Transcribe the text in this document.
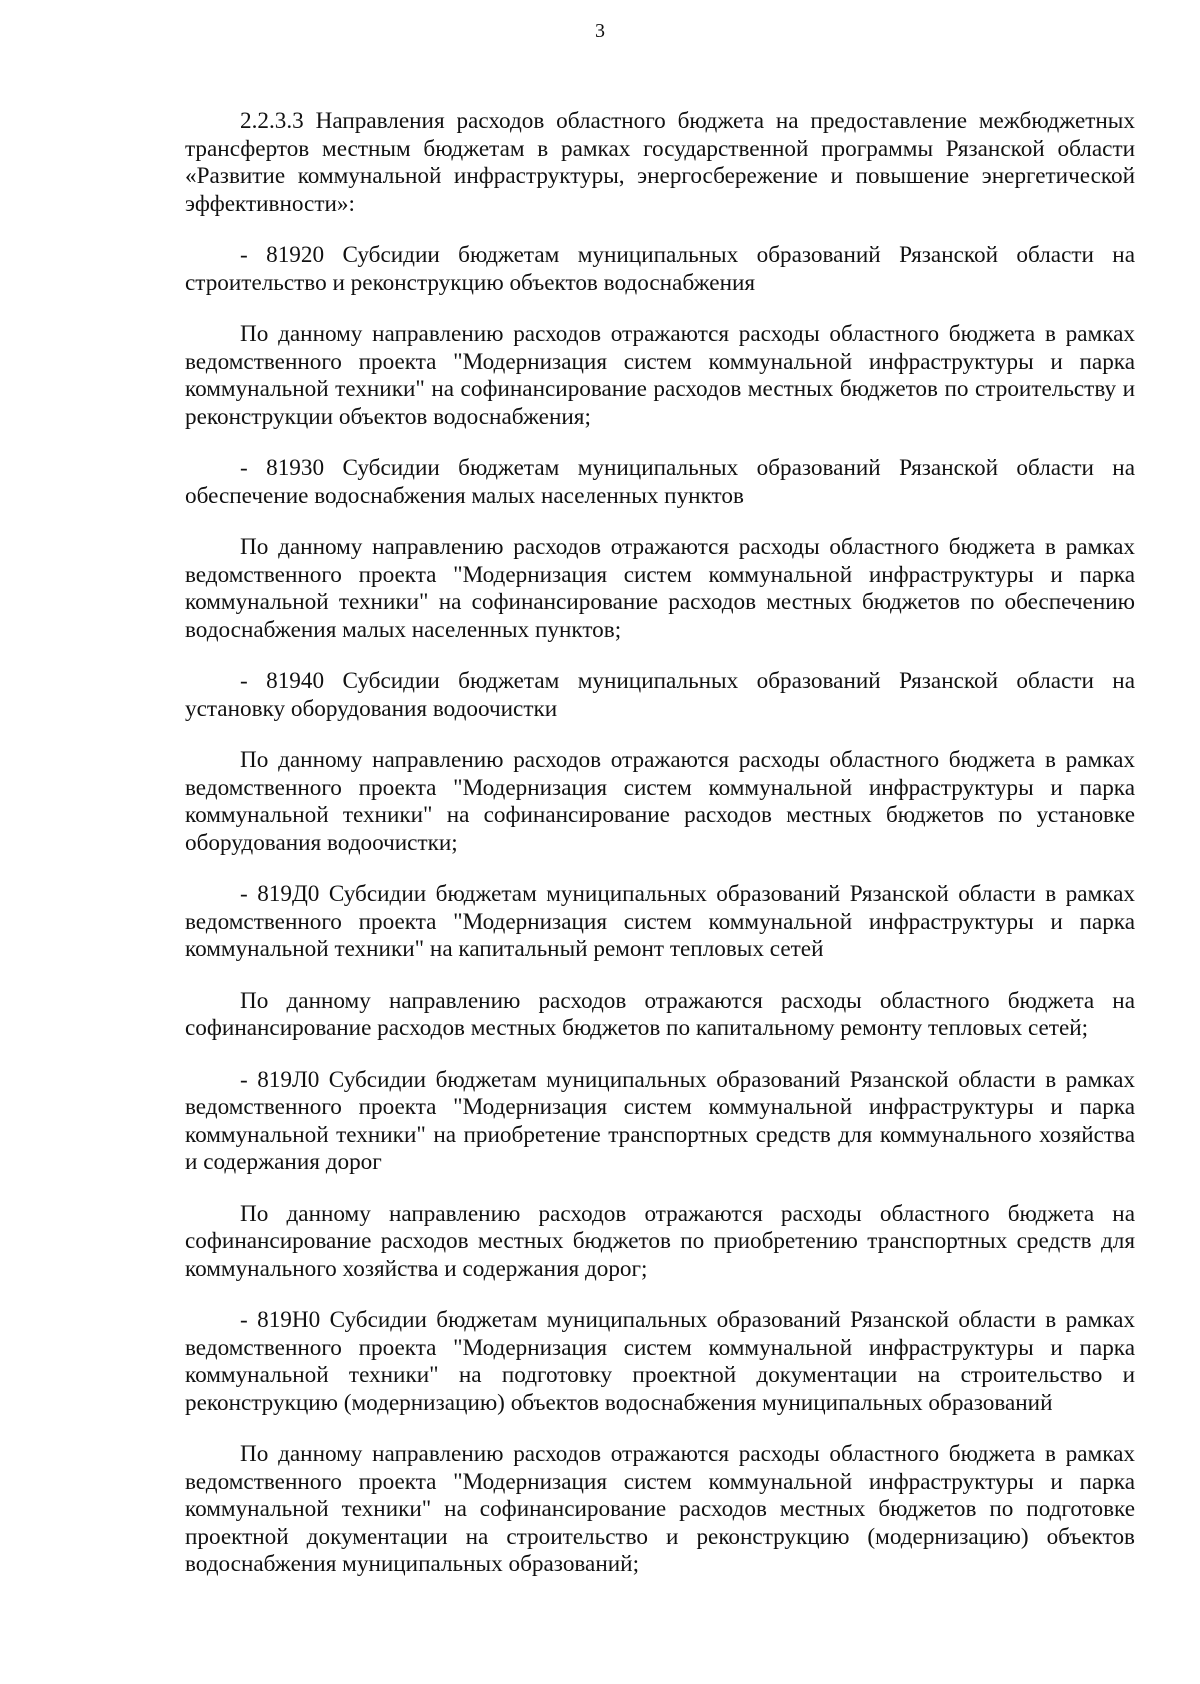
3

2.2.3.3 Направления расходов областного бюджета на предоставление межбюджетных трансфертов местным бюджетам в рамках государственной программы Рязанской области «Развитие коммунальной инфраструктуры, энергосбережение и повышение энергетической эффективности»:

- 81920 Субсидии бюджетам муниципальных образований Рязанской области на строительство и реконструкцию объектов водоснабжения

По данному направлению расходов отражаются расходы областного бюджета в рамках ведомственного проекта "Модернизация систем коммунальной инфраструктуры и парка коммунальной техники" на софинансирование расходов местных бюджетов по строительству и реконструкции объектов водоснабжения;

- 81930 Субсидии бюджетам муниципальных образований Рязанской области на обеспечение водоснабжения малых населенных пунктов

По данному направлению расходов отражаются расходы областного бюджета в рамках ведомственного проекта "Модернизация систем коммунальной инфраструктуры и парка коммунальной техники" на софинансирование расходов местных бюджетов по обеспечению водоснабжения малых населенных пунктов;

- 81940 Субсидии бюджетам муниципальных образований Рязанской области на установку оборудования водоочистки

По данному направлению расходов отражаются расходы областного бюджета в рамках ведомственного проекта "Модернизация систем коммунальной инфраструктуры и парка коммунальной техники" на софинансирование расходов местных бюджетов по установке оборудования водоочистки;

- 819Д0 Субсидии бюджетам муниципальных образований Рязанской области в рамках ведомственного проекта "Модернизация систем коммунальной инфраструктуры и парка коммунальной техники" на капитальный ремонт тепловых сетей

По данному направлению расходов отражаются расходы областного бюджета на софинансирование расходов местных бюджетов по капитальному ремонту тепловых сетей;

- 819Л0 Субсидии бюджетам муниципальных образований Рязанской области в рамках ведомственного проекта "Модернизация систем коммунальной инфраструктуры и парка коммунальной техники" на приобретение транспортных средств для коммунального хозяйства и содержания дорог

По данному направлению расходов отражаются расходы областного бюджета на софинансирование расходов местных бюджетов по приобретению транспортных средств для коммунального хозяйства и содержания дорог;

- 819Н0 Субсидии бюджетам муниципальных образований Рязанской области в рамках ведомственного проекта "Модернизация систем коммунальной инфраструктуры и парка коммунальной техники" на подготовку проектной документации на строительство и реконструкцию (модернизацию) объектов водоснабжения муниципальных образований

По данному направлению расходов отражаются расходы областного бюджета в рамках ведомственного проекта "Модернизация систем коммунальной инфраструктуры и парка коммунальной техники" на софинансирование расходов местных бюджетов по подготовке проектной документации на строительство и реконструкцию (модернизацию) объектов водоснабжения муниципальных образований;
